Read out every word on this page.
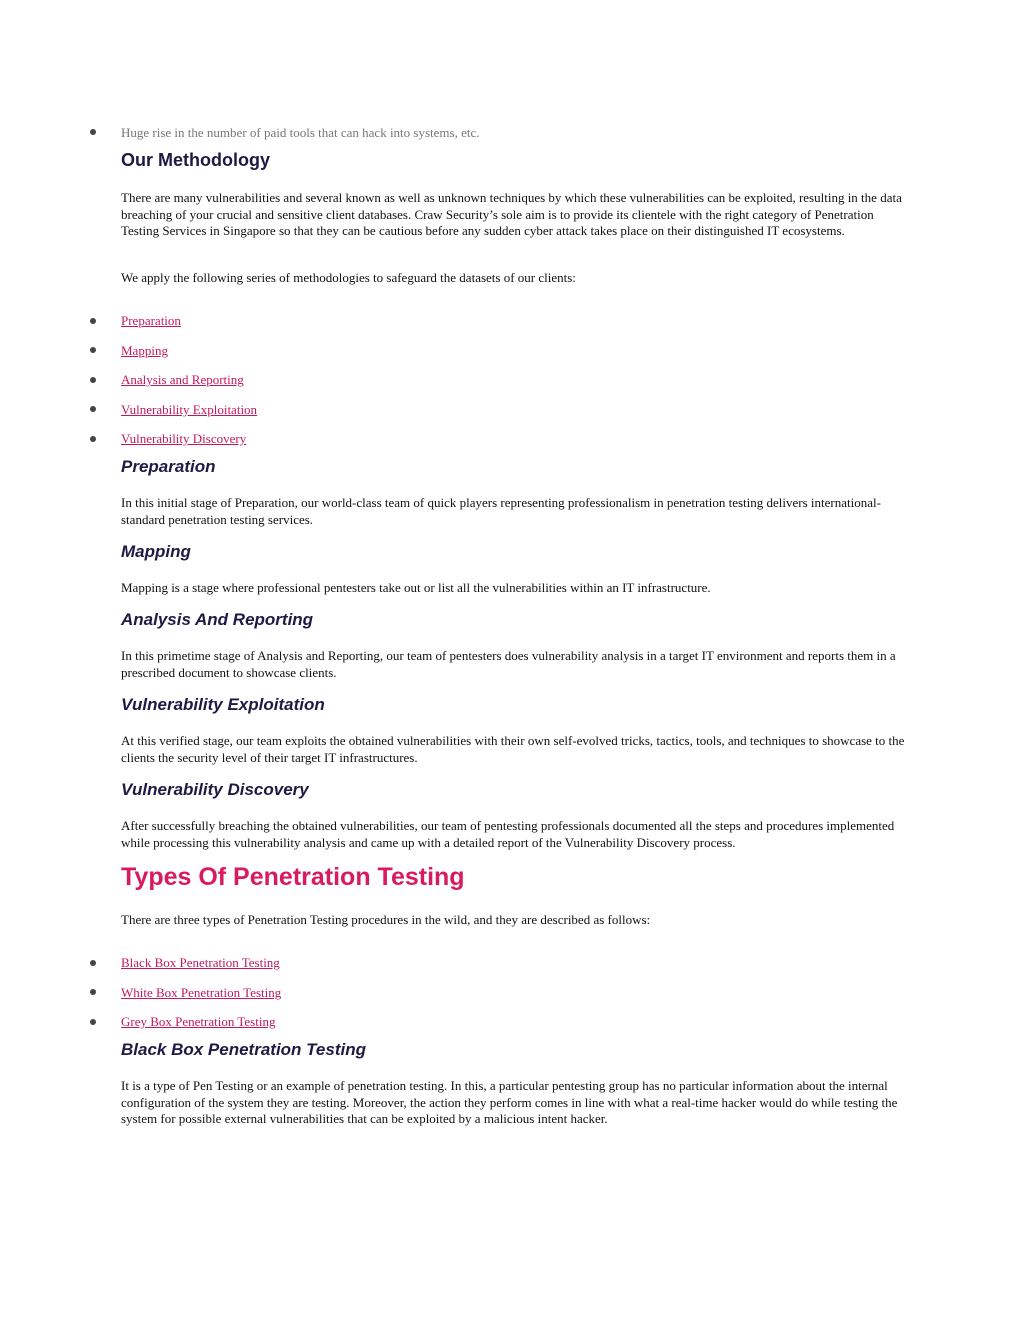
Huge rise in the number of paid tools that can hack into systems, etc.
Our Methodology
There are many vulnerabilities and several known as well as unknown techniques by which these vulnerabilities can be exploited, resulting in the data breaching of your crucial and sensitive client databases. Craw Security’s sole aim is to provide its clientele with the right category of Penetration Testing Services in Singapore so that they can be cautious before any sudden cyber attack takes place on their distinguished IT ecosystems.
We apply the following series of methodologies to safeguard the datasets of our clients:
Preparation
Mapping
Analysis and Reporting
Vulnerability Exploitation
Vulnerability Discovery
Preparation
In this initial stage of Preparation, our world-class team of quick players representing professionalism in penetration testing delivers international-standard penetration testing services.
Mapping
Mapping is a stage where professional pentesters take out or list all the vulnerabilities within an IT infrastructure.
Analysis And Reporting
In this primetime stage of Analysis and Reporting, our team of pentesters does vulnerability analysis in a target IT environment and reports them in a prescribed document to showcase clients.
Vulnerability Exploitation
At this verified stage, our team exploits the obtained vulnerabilities with their own self-evolved tricks, tactics, tools, and techniques to showcase to the clients the security level of their target IT infrastructures.
Vulnerability Discovery
After successfully breaching the obtained vulnerabilities, our team of pentesting professionals documented all the steps and procedures implemented while processing this vulnerability analysis and came up with a detailed report of the Vulnerability Discovery process.
Types Of Penetration Testing
There are three types of Penetration Testing procedures in the wild, and they are described as follows:
Black Box Penetration Testing
White Box Penetration Testing
Grey Box Penetration Testing
Black Box Penetration Testing
It is a type of Pen Testing or an example of penetration testing. In this, a particular pentesting group has no particular information about the internal configuration of the system they are testing. Moreover, the action they perform comes in line with what a real-time hacker would do while testing the system for possible external vulnerabilities that can be exploited by a malicious intent hacker.
